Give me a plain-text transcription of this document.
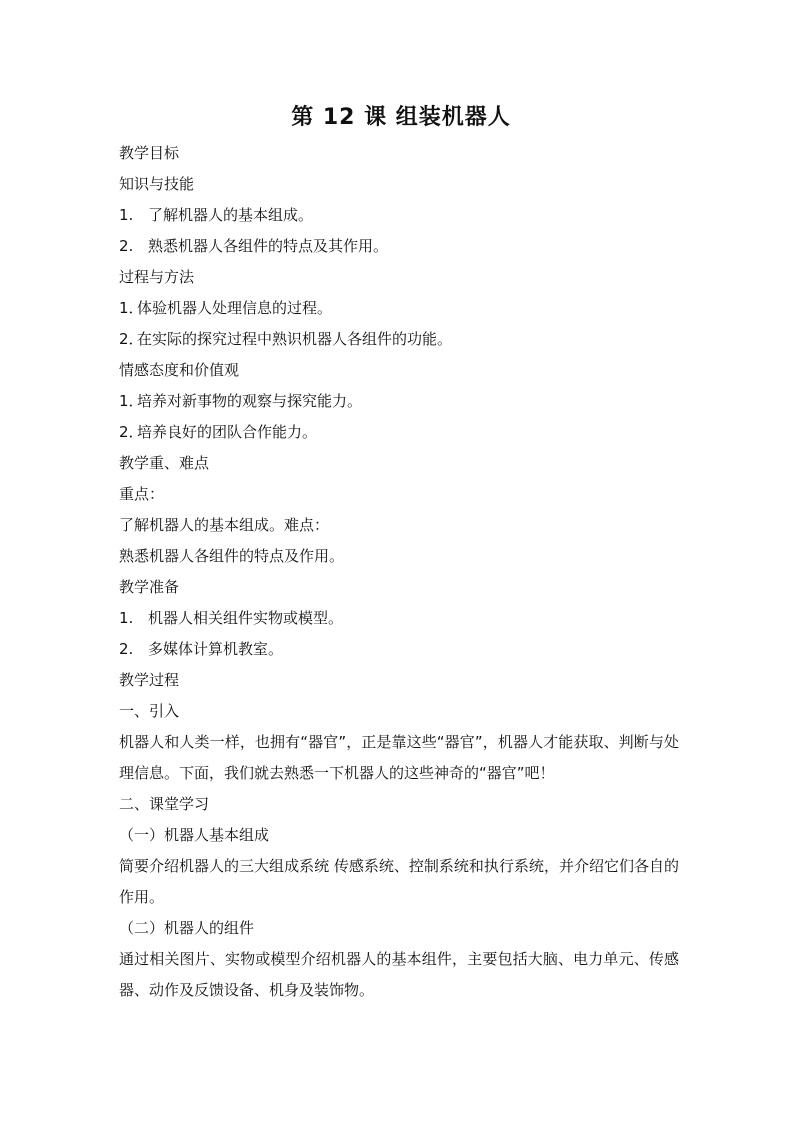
第 12 课 组装机器人
教学目标
知识与技能
1. 了解机器人的基本组成。
2. 熟悉机器人各组件的特点及其作用。
过程与方法
1．体验机器人处理信息的过程。
2．在实际的探究过程中熟识机器人各组件的功能。
情感态度和价值观
1．培养对新事物的观察与探究能力。
2．培养良好的团队合作能力。
教学重、难点
重点：
了解机器人的基本组成。难点：
熟悉机器人各组件的特点及作用。
教学准备
1. 机器人相关组件实物或模型。
2. 多媒体计算机教室。
教学过程
一、引入
机器人和人类一样，也拥有“器官”，正是靠这些“器官”，机器人才能获取、判断与处理信息。下面，我们就去熟悉一下机器人的这些神奇的“器官”吧！
二、课堂学习
（一）机器人基本组成
简要介绍机器人的三大组成系统 传感系统、控制系统和执行系统，并介绍它们各自的作用。
（二）机器人的组件
通过相关图片、实物或模型介绍机器人的基本组件，主要包括大脑、电力单元、传感器、动作及反馈设备、机身及装饰物。
